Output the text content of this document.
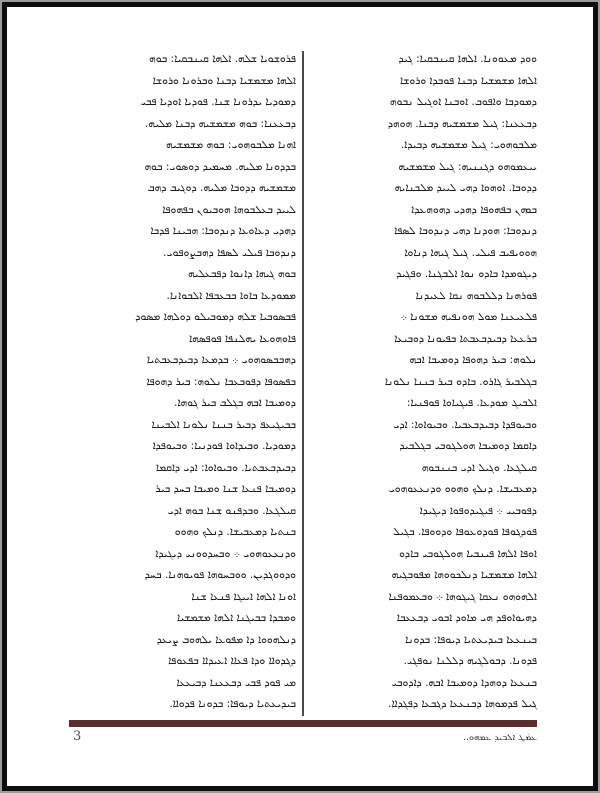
ܘܘܕ ܡܥܘܘܢܐ. ܐܠܗܐ ܩܝܢܒܩܝܐ: ܓܝܕ
ܐܠܗܐ ܡܫܡܫܝܐ ܕܒܢܐ ܦܘܒܕܐ ܘܪܘܫܐ
ܕܡܘܕܒܐ ܘܐܦܘܒ. ܐܘܒܢܐ ܐܘܓܝܠ ܢܒܘܗ
ܕܒܥܥܢܐ: ܓܝܠ ܡܫܡܫܝܗ ܕܒܢܐ. ܗܘܗܕ
ܡܠܒܘܗܘܝ: ܓܝܠ ܡܫܡܫܝܗ ܕܒܝܕܐ.
ܝܝܥܡܘܗܘ ܕܓܢܢܝܗ: ܓܝܠ ܡܫܡܫܝܗ
ܕܕܘܒܐ. ܐܘܗܘܐ ܕܗܝ ܠܝܝܕ ܡܠܒܢܐܝܗ
ܒܘܗܢ ܒܦܗܘܦܐ ܕܗܕܝ ܕܗܘܗܥܕܐ
ܕܢܕܘܒܐ: ܗܘܕܢܐ ܕܗܝ ܕܢܕܘܒܐ ܠܣܦܐ
ܗܘܘܝܦܝܒ ܦܝܠܝ. ܓܝܠ ܓܝܗܐ ܕܢܐܘܐ
ܕܝܓܘܡܕܐ ܒܐܕܘ ܢܘܐ ܐܠܒܓܢܐ. ܘܦܓܝܕ
ܦܘܪܗܢܐ ܕܠܠܒܘܗ ܢܩܐ ܠܥܝܕܢܐ
ܦܠܥܝܥܢܐ ܡܘܠ ܗܘܢܦܝܗ ܡܫܘܢܐ ܀
ܒܪܥܥܐ ܕܒܝܕܒܥܒܬܐ ܒܦܝܘܢܐ ܕܘܒܝܥܐ
ܢܠܘܗ: ܒܝܪ ܕܗܘܦܐ ܕܘܡܝܒܐ ܐܒܗ
ܒܓܠܒܝܪ ܓܐܪܘ. ܒܐܕܘ ܒܝܪ ܒܢܢܐ ܢܠܘܢܐ
ܐܠܒܝܓ ܡܘܕܥܐ. ܦܝܓܝܐܘܐ ܦܘܦܢܝܐ:
ܘܒܝܘܦܕܐ ܕܒܝܕܒܥܒܝܐ. ܘܒܝܘܐܘܐ: ܐܕܝ
ܕܐܩܡܐ ܕܘܡܝܒܐ ܗܘܠܓܘܒܝ ܒܓܠܒܝܕ
ܩܝܠܓܥܐ. ܘܓܝܠ ܐܕܝ ܒܢܢܒܘܗ
ܕܡܥܒܝܫܐ. ܕܢܠܟ ܘܗܘܘ ܘܕܢܥܥܘܗܘܝ
ܕܦܘܒܝܝ ܀ ܦܝܓܝܕܘܦܘܐ ܕܝܓܝܕܐ
ܦܘܕܓܘܦܐ ܦܘܕܘܥܘܦܐ ܘܕܘܘܦܐ. ܒܓܝܠ
ܐܘܦܐ ܐܠܗܐ ܦܝܢܒܝܐ ܗܘܠܓܘܒܝ ܒܐܕܘ
ܐܠܗܐ ܡܫܡܫܝܐ ܕܢܠܟܘܘܗܐ ܡܦܘܒܓܝܗ
ܐܠܗܘܗܘ ܢܥܩܐ ܓܝܓܘܗܐ ܀ ܘܒܥܡܘܦܢܐ
ܕܗܝܘܐܘܦܕ ܗܝ ܡܐܘܕ ܐܒܘܝ ܕܒܥܥܒܐ
ܒܝܢܥܥܐ ܒܝܕܝܥܬܝܐ ܕܝܘܦܐ: ܒܕܘܢܐ
ܦܕܘܢܐ. ܕܒܘܠܓܝܗ ܕܠܠܢܐ ܢܘܦܓܝ.
ܒܢܥܥܐ ܕܘܗܕܐ ܕܘܡܝܒܐ ܐܒܗ. ܕܐܕܘܒܝ
ܓܝܠ ܦܕܡܘܗܐ ܕܒܢܥܥܐ ܕܓܒܥܐ ܕܦܓܕܐܐ.
ܦܪܘܫܘܝܐ ܫܠܗ. ܐܠܗܐ ܩܝܢܒܩܝܐ: ܒܘܗ
ܐܠܗܐ ܡܫܡܫܝܐ ܕܒܢܐ ܘܒܪܘܢܐ ܘܪܘܫܐ
ܕܡܘܕܝܐ ܝܕܪܘܢܐ ܫܢܐ. ܦܘܕܝܐ ܐܘܕܝܐ ܦܒܝ
ܕܒܥܥܢܐ: ܒܘܗ ܡܫܡܫܝܗ ܕܒܢܐ ܡܠܝܗ.
ܐܗܢܐ ܡܠܒܘܗܘܝ: ܒܘܗ ܡܫܡܫܝܗ
ܒܕܕܘܢܐ ܡܠܝܗ. ܡܚܡܝܕ ܕܘܣܘܝ: ܒܘܗ
ܡܫܡܫܝܗ ܕܕܘܒܐ ܡܠܝܗ. ܕܘܓܝܒ ܕܗܒ
ܠܝܝܕ ܒܥܠܒܘܗܐ ܗܘܒܝܘܢ ܒܦܗܘܦܐ
ܕܗܕܝ ܕܥܐܘܥܐ ܕܢܕܘܒܐ: ܗܒܝܢܐ ܦܕܒܐ
ܕܢܕܘܒܐ ܦܝܠܝ ܠܣܦܐ ܕܗܒܨܘܦܘܝ.
ܒܘܗ ܓܝܗܐ ܕܐܢܘܐ ܕܦܒܥܠܝܗ
ܡܡܘܕܥܐ ܒܐܘܐ ܒܒܥܒܦܐ ܐܠܒܘܐܢܐ.
ܦܒܣܘܒܝܐ ܫܠܗ ܕܡܘܒܝܠܘ ܕܘܠܗܐ ܡܣܘܕ
ܦܐܘܗܘܥܐ ܝܗܠܢܦܐ ܦܘܦܣܗܐ
ܕܗܒܒܣܘܗܘܝ ܀ ܒܕܡܥܐ ܕܒܝܕܒܥܒܬܝܐ
ܒܦܣܘܦܐ ܕܦܘܒܥܒܐ ܢܠܘܗ: ܒܝܪ ܕܗܘܦܐ
ܕܘܡܝܒܐ ܐܒܗ ܒܓܠܒ ܒܝܪ ܓܘܗܐ.
ܒܒܝܓܝܥܦ ܕܒܝܪ ܒܢܢܐ ܢܠܘܢܐ ܐܠܒܝܢܐ
ܕܡܘܕܝܐ. ܘܒܝܕܐܘܐ ܦܘܕܢܝܐ: ܘܒܝܘܦܕܐ
ܕܒܝܕܒܥܒܬܝܐ. ܘܒܝܘܐܘܐ: ܐܕܝ ܕܐܩܡܐ
ܕܘܡܝܒܐ ܦܢܥܐ ܫܢܐ ܘܡܝܒܐ ܒܚܕ ܒܝܪ
ܩܝܠܓܥܐ. ܘܒܕܦܢܘ ܫܢܐ ܒܘܗ ܐܕܝ
ܒܢܬܝܐ ܕܡܥܒܝܫܐ. ܕܢܠܟ ܘܗܘܘ
ܘܕܢܥܥܘܗܘܝ ܀ ܘܒܚܕܘܘܢܝ ܕܝܓܝܕܐ
ܘܕܘܘܓܕܝܢ. ܘܘܒܚܘܗܐ ܦܘܝܘܗܢܐ. ܒܚܕ
ܐܘܢܐ ܐܠܗܐ ܐܝܝܓܐ ܦܢܥܐ ܫܢܐ
ܘܡܒܕܐ ܒܒܝܓܢܐ ܐܠܗܐ ܡܫܡܫܝܐ
ܕܢܠܗܘܘܐ ܕܐ ܡܦܘܥܐ ܝܠܗܘܒ ܨܝܥܕ
ܕܓܕܘܐܐ ܘܕܐ ܦܥܐܐ ܐܥܝܕܐܐ ܒܦܥܘܦܐ
ܡܝ ܦܘܕ ܦܒܝ ܕܒܥܥܢܐ ܕܒܝܥܥܐ
ܒܝܕܝܥܬܝܐ ܕܝܘܦܐ: ܒܕܘܢܐ ܦܕܘܐܐ.
3	ܥܡ̇ܛ ܐܠܒܝܕ ܥܡܗܘ..
